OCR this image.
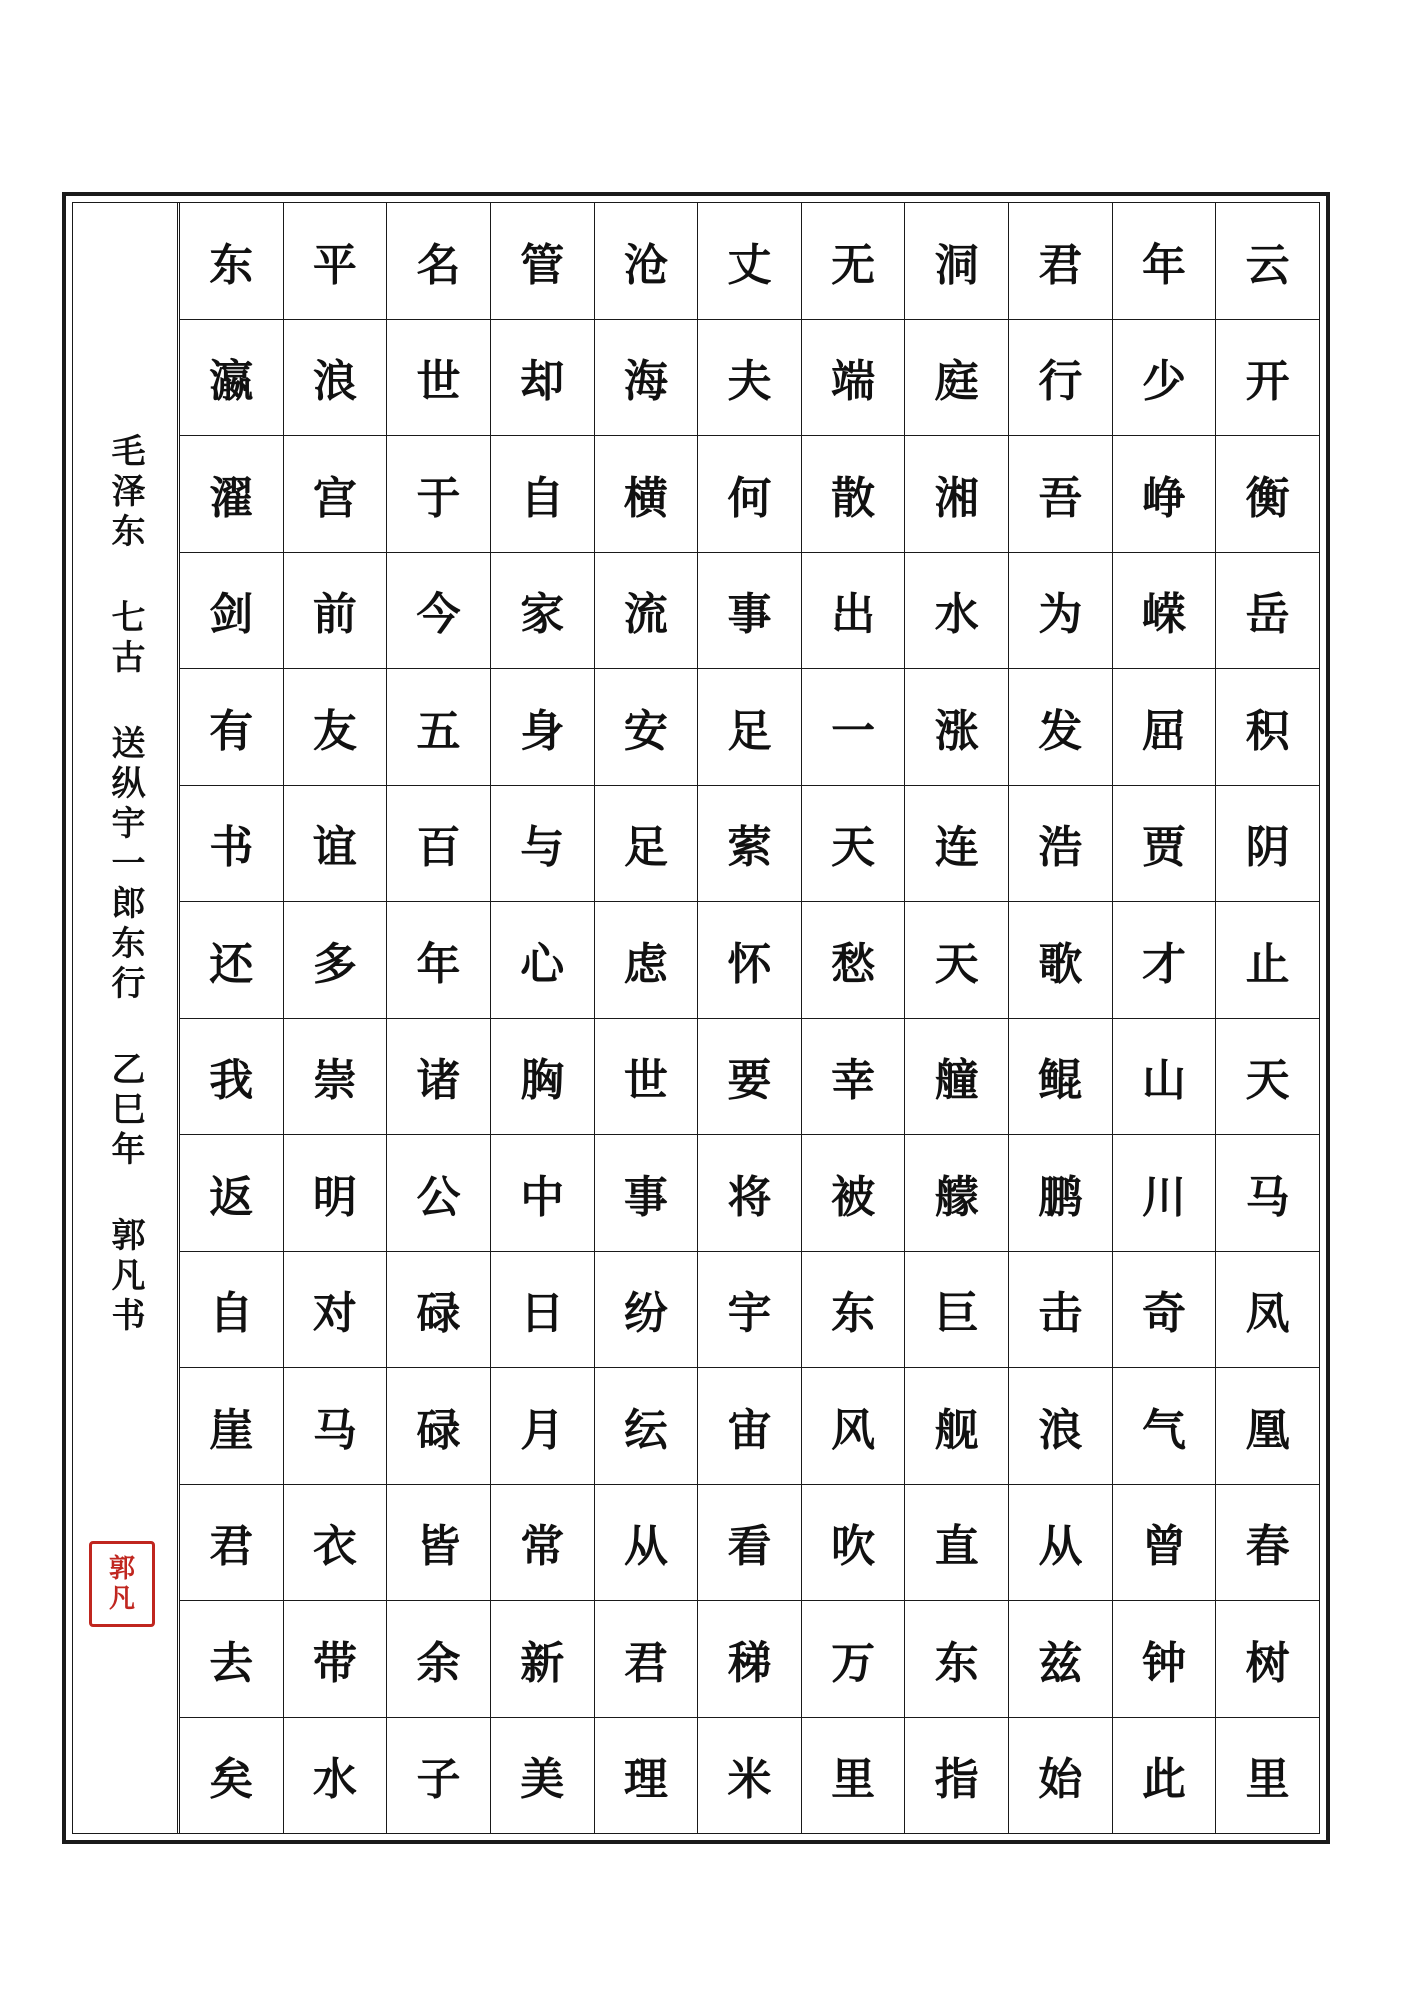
毛泽东 七古 送纵宇一郎东行 乙巳年 郭凡书
郭
凡
云
开
衡
岳
积
阴
止
天
马
凤
凰
春
树
里
年
少
峥
嵘
屈
贾
才
山
川
奇
气
曾
钟
此
君
行
吾
为
发
浩
歌
鲲
鹏
击
浪
从
兹
始
洞
庭
湘
水
涨
连
天
艟
艨
巨
舰
直
东
指
无
端
散
出
一
天
愁
幸
被
东
风
吹
万
里
丈
夫
何
事
足
萦
怀
要
将
宇
宙
看
稊
米
沧
海
横
流
安
足
虑
世
事
纷
纭
从
君
理
管
却
自
家
身
与
心
胸
中
日
月
常
新
美
名
世
于
今
五
百
年
诸
公
碌
碌
皆
余
子
平
浪
宫
前
友
谊
多
崇
明
对
马
衣
带
水
东
瀛
濯
剑
有
书
还
我
返
自
崖
君
去
矣
